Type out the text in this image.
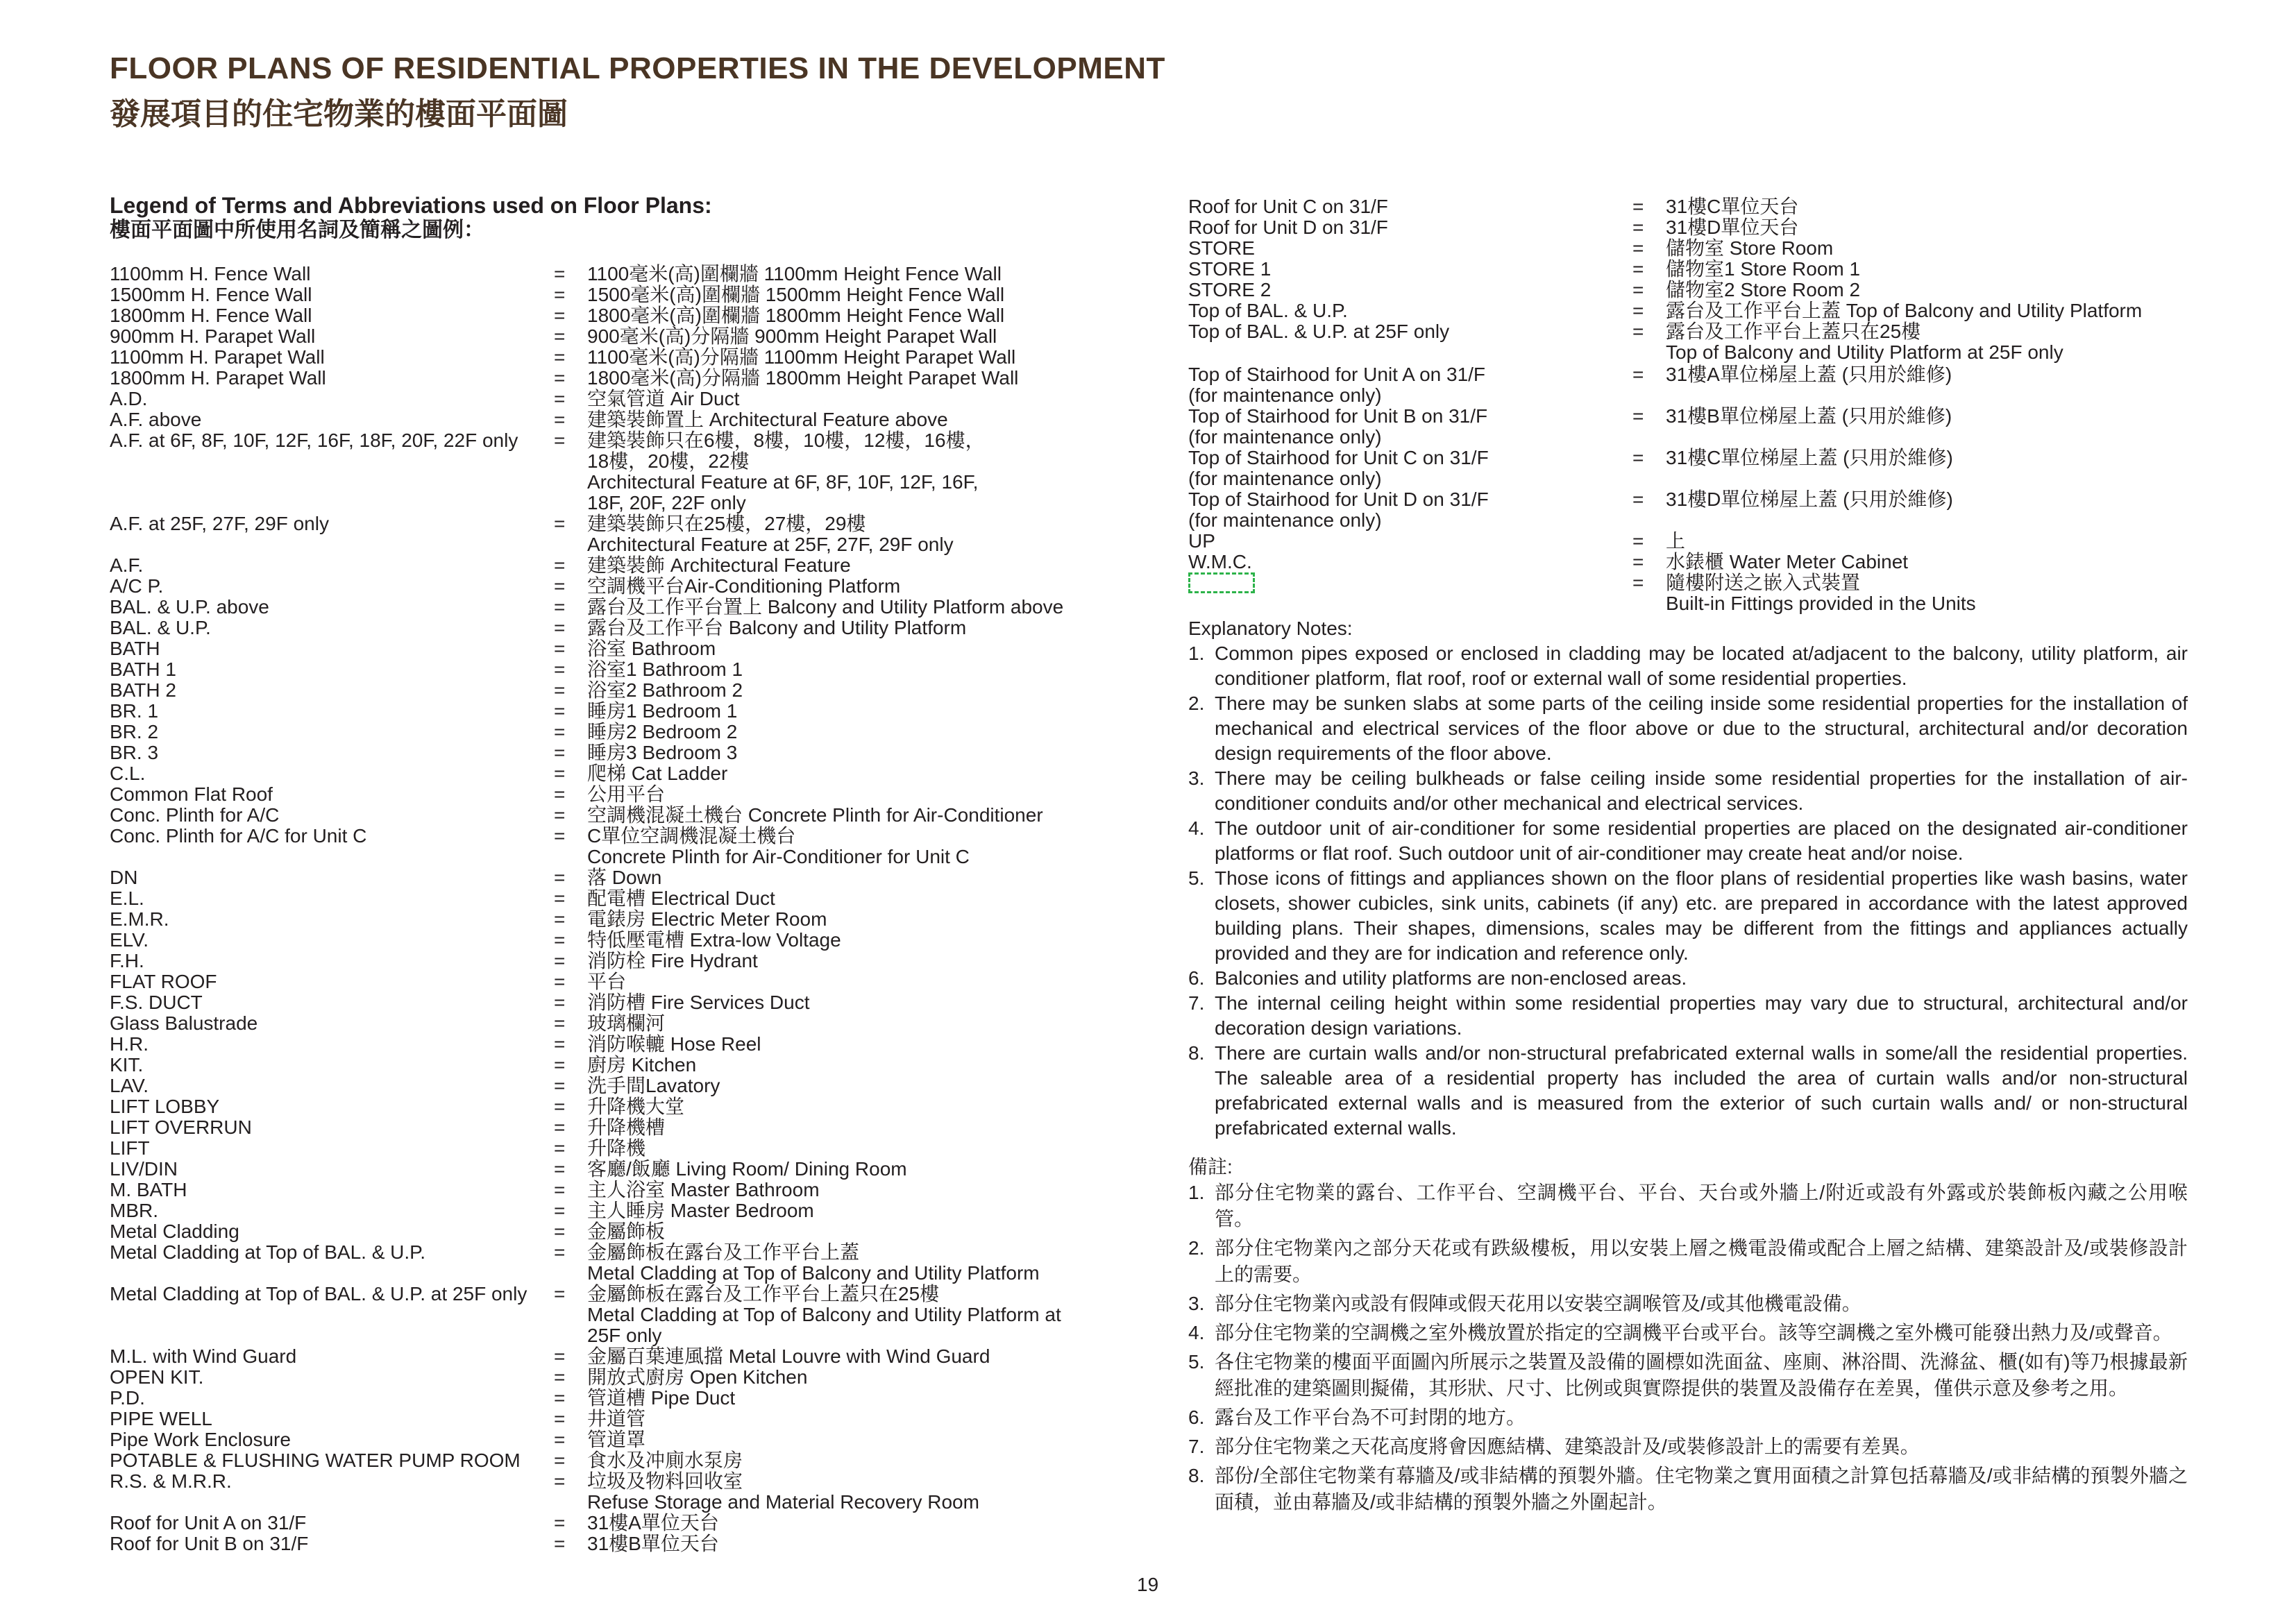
FLOOR PLANS OF RESIDENTIAL PROPERTIES IN THE DEVELOPMENT
發展項目的住宅物業的樓面平面圖
Legend of Terms and Abbreviations used on Floor Plans:
樓面平面圖中所使用名詞及簡稱之圖例：
1100mm H. Fence Wall	=	1100毫米(高)圍欄牆 1100mm Height Fence Wall
1500mm H. Fence Wall	=	1500毫米(高)圍欄牆 1500mm Height Fence Wall
1800mm H. Fence Wall	=	1800毫米(高)圍欄牆 1800mm Height Fence Wall
900mm H. Parapet Wall	=	900毫米(高)分隔牆 900mm Height Parapet Wall
1100mm H. Parapet Wall	=	1100毫米(高)分隔牆 1100mm Height Parapet Wall
1800mm H. Parapet Wall	=	1800毫米(高)分隔牆 1800mm Height Parapet Wall
A.D.	=	空氣管道 Air Duct
A.F. above	=	建築裝飾置上 Architectural Feature above
A.F. at 6F, 8F, 10F, 12F, 16F, 18F, 20F, 22F only	=	建築裝飾只在6樓，8樓，10樓，12樓，16樓，
18樓，20樓，22樓
Architectural Feature at 6F, 8F, 10F, 12F, 16F,
18F, 20F, 22F only
A.F. at 25F, 27F, 29F only	=	建築裝飾只在25樓，27樓，29樓
Architectural Feature at 25F, 27F, 29F only
A.F.	=	建築裝飾 Architectural Feature
A/C P.	=	空調機平台Air-Conditioning Platform
BAL. & U.P. above	=	露台及工作平台置上 Balcony and Utility Platform above
BAL. & U.P.	=	露台及工作平台 Balcony and Utility Platform
BATH	=	浴室 Bathroom
BATH 1	=	浴室1 Bathroom 1
BATH 2	=	浴室2 Bathroom 2
BR. 1	=	睡房1 Bedroom 1
BR. 2	=	睡房2 Bedroom 2
BR. 3	=	睡房3 Bedroom 3
C.L.	=	爬梯 Cat Ladder
Common Flat Roof	=	公用平台
Conc. Plinth for A/C	=	空調機混凝土機台 Concrete Plinth for Air-Conditioner
Conc. Plinth for A/C for Unit C	=	C單位空調機混凝土機台
Concrete Plinth for Air-Conditioner for Unit C
DN	=	落 Down
E.L.	=	配電槽 Electrical Duct
E.M.R.	=	電錶房 Electric Meter Room
ELV.	=	特低壓電槽 Extra-low Voltage
F.H.	=	消防栓 Fire Hydrant
FLAT ROOF	=	平台
F.S. DUCT	=	消防槽 Fire Services Duct
Glass Balustrade	=	玻璃欄河
H.R.	=	消防喉轆 Hose Reel
KIT.	=	廚房 Kitchen
LAV.	=	洗手間Lavatory
LIFT LOBBY	=	升降機大堂
LIFT OVERRUN	=	升降機槽
LIFT	=	升降機
LIV/DIN	=	客廳/飯廳 Living Room/ Dining Room
M. BATH	=	主人浴室 Master Bathroom
MBR.	=	主人睡房 Master Bedroom
Metal Cladding	=	金屬飾板
Metal Cladding at Top of BAL. & U.P.	=	金屬飾板在露台及工作平台上蓋
Metal Cladding at Top of Balcony and Utility Platform
Metal Cladding at Top of BAL. & U.P. at 25F only	=	金屬飾板在露台及工作平台上蓋只在25樓
Metal Cladding at Top of Balcony and Utility Platform at
25F only
M.L. with Wind Guard	=	金屬百葉連風擋 Metal Louvre with Wind Guard
OPEN KIT.	=	開放式廚房 Open Kitchen
P.D.	=	管道槽 Pipe Duct
PIPE WELL	=	井道管
Pipe Work Enclosure	=	管道罩
POTABLE & FLUSHING WATER PUMP ROOM	=	食水及冲廁水泵房
R.S. & M.R.R.	=	垃圾及物料回收室
Refuse Storage and Material Recovery Room
Roof for Unit A on 31/F	=	31樓A單位天台
Roof for Unit B on 31/F	=	31樓B單位天台
Roof for Unit C on 31/F	=	31樓C單位天台
Roof for Unit D on 31/F	=	31樓D單位天台
STORE	=	儲物室 Store Room
STORE 1	=	儲物室1 Store Room 1
STORE 2	=	儲物室2 Store Room 2
Top of BAL. & U.P.	=	露台及工作平台上蓋 Top of Balcony and Utility Platform
Top of BAL. & U.P. at 25F only	=	露台及工作平台上蓋只在25樓
Top of Balcony and Utility Platform at 25F only
Top of Stairhood for Unit A on 31/F
(for maintenance only)
=	31樓A單位梯屋上蓋 (只用於維修)
Top of Stairhood for Unit B on 31/F
(for maintenance only)
=	31樓B單位梯屋上蓋 (只用於維修)
Top of Stairhood for Unit C on 31/F
(for maintenance only)
=	31樓C單位梯屋上蓋 (只用於維修)
Top of Stairhood for Unit D on 31/F
(for maintenance only)
=	31樓D單位梯屋上蓋 (只用於維修)
UP	=	上
W.M.C.	=	水錶櫃 Water Meter Cabinet
=	隨樓附送之嵌入式裝置
Built-in Fittings provided in the Units
Explanatory Notes:
1. Common pipes exposed or enclosed in cladding may be located at/adjacent to the balcony, utility platform, air conditioner platform, flat roof, roof or external wall of some residential properties.
2. There may be sunken slabs at some parts of the ceiling inside some residential properties for the installation of mechanical and electrical services of the floor above or due to the structural, architectural and/or decoration design requirements of the floor above.
3. There may be ceiling bulkheads or false ceiling inside some residential properties for the installation of air-conditioner conduits and/or other mechanical and electrical services.
4. The outdoor unit of air-conditioner for some residential properties are placed on the designated air-conditioner platforms or flat roof. Such outdoor unit of air-conditioner may create heat and/or noise.
5. Those icons of fittings and appliances shown on the floor plans of residential properties like wash basins, water closets, shower cubicles, sink units, cabinets (if any) etc. are prepared in accordance with the latest approved building plans. Their shapes, dimensions, scales may be different from the fittings and appliances actually provided and they are for indication and reference only.
6. Balconies and utility platforms are non-enclosed areas.
7. The internal ceiling height within some residential properties may vary due to structural, architectural and/or decoration design variations.
8. There are curtain walls and/or non-structural prefabricated external walls in some/all the residential properties. The saleable area of a residential property has included the area of curtain walls and/or non-structural prefabricated external walls and is measured from the exterior of such curtain walls and/ or non-structural prefabricated external walls.
備註:
1. 部分住宅物業的露台、工作平台、空調機平台、平台、天台或外牆上/附近或設有外露或於裝飾板內藏之公用喉管。
2. 部分住宅物業內之部分天花或有跌級樓板，用以安裝上層之機電設備或配合上層之結構、建築設計及/或裝修設計上的需要。
3. 部分住宅物業內或設有假陣或假天花用以安裝空調喉管及/或其他機電設備。
4. 部分住宅物業的空調機之室外機放置於指定的空調機平台或平台。該等空調機之室外機可能發出熱力及/或聲音。
5. 各住宅物業的樓面平面圖內所展示之裝置及設備的圖標如洗面盆、座廁、淋浴間、洗滌盆、櫃(如有)等乃根據最新經批准的建築圖則擬備，其形狀、尺寸、比例或與實際提供的裝置及設備存在差異，僅供示意及參考之用。
6. 露台及工作平台為不可封閉的地方。
7. 部分住宅物業之天花高度將會因應結構、建築設計及/或裝修設計上的需要有差異。
8. 部份/全部住宅物業有幕牆及/或非結構的預製外牆。住宅物業之實用面積之計算包括幕牆及/或非結構的預製外牆之面積，並由幕牆及/或非結構的預製外牆之外圍起計。
19
